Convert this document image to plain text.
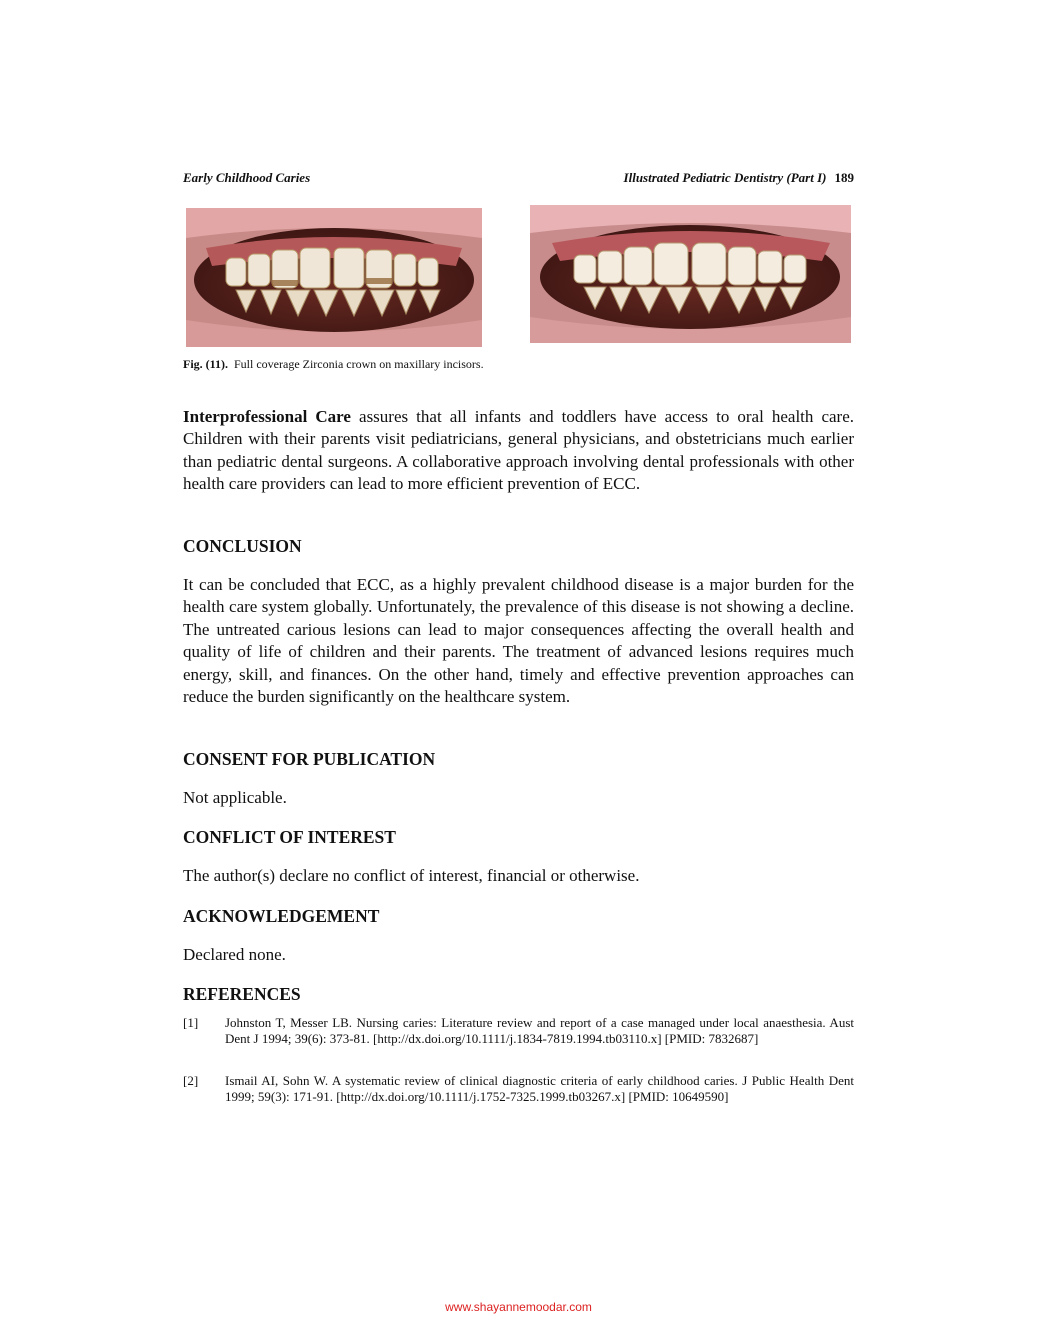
Early Childhood Caries	Illustrated Pediatric Dentistry (Part I) 189
Fig. (11). Full coverage Zirconia crown on maxillary incisors.

Interprofessional Care assures that all infants and toddlers have access to oral health care. Children with their parents visit pediatricians, general physicians, and obstetricians much earlier than pediatric dental surgeons. A collaborative approach involving dental professionals with other health care providers can lead to more efficient prevention of ECC.

CONCLUSION

It can be concluded that ECC, as a highly prevalent childhood disease is a major burden for the health care system globally. Unfortunately, the prevalence of this disease is not showing a decline. The untreated carious lesions can lead to major consequences affecting the overall health and quality of life of children and their parents. The treatment of advanced lesions requires much energy, skill, and finances. On the other hand, timely and effective prevention approaches can reduce the burden significantly on the healthcare system.

CONSENT FOR PUBLICATION

Not applicable.

CONFLICT OF INTEREST

The author(s) declare no conflict of interest, financial or otherwise.

ACKNOWLEDGEMENT

Declared none.

REFERENCES
[1] Johnston T, Messer LB. Nursing caries: Literature review and report of a case managed under local anaesthesia. Aust Dent J 1994; 39(6): 373-81. [http://dx.doi.org/10.1111/j.1834-7819.1994.tb03110.x] [PMID: 7832687]
[2] Ismail AI, Sohn W. A systematic review of clinical diagnostic criteria of early childhood caries. J Public Health Dent 1999; 59(3): 171-91. [http://dx.doi.org/10.1111/j.1752-7325.1999.tb03267.x] [PMID: 10649590]
www.shayannemoodar.com
